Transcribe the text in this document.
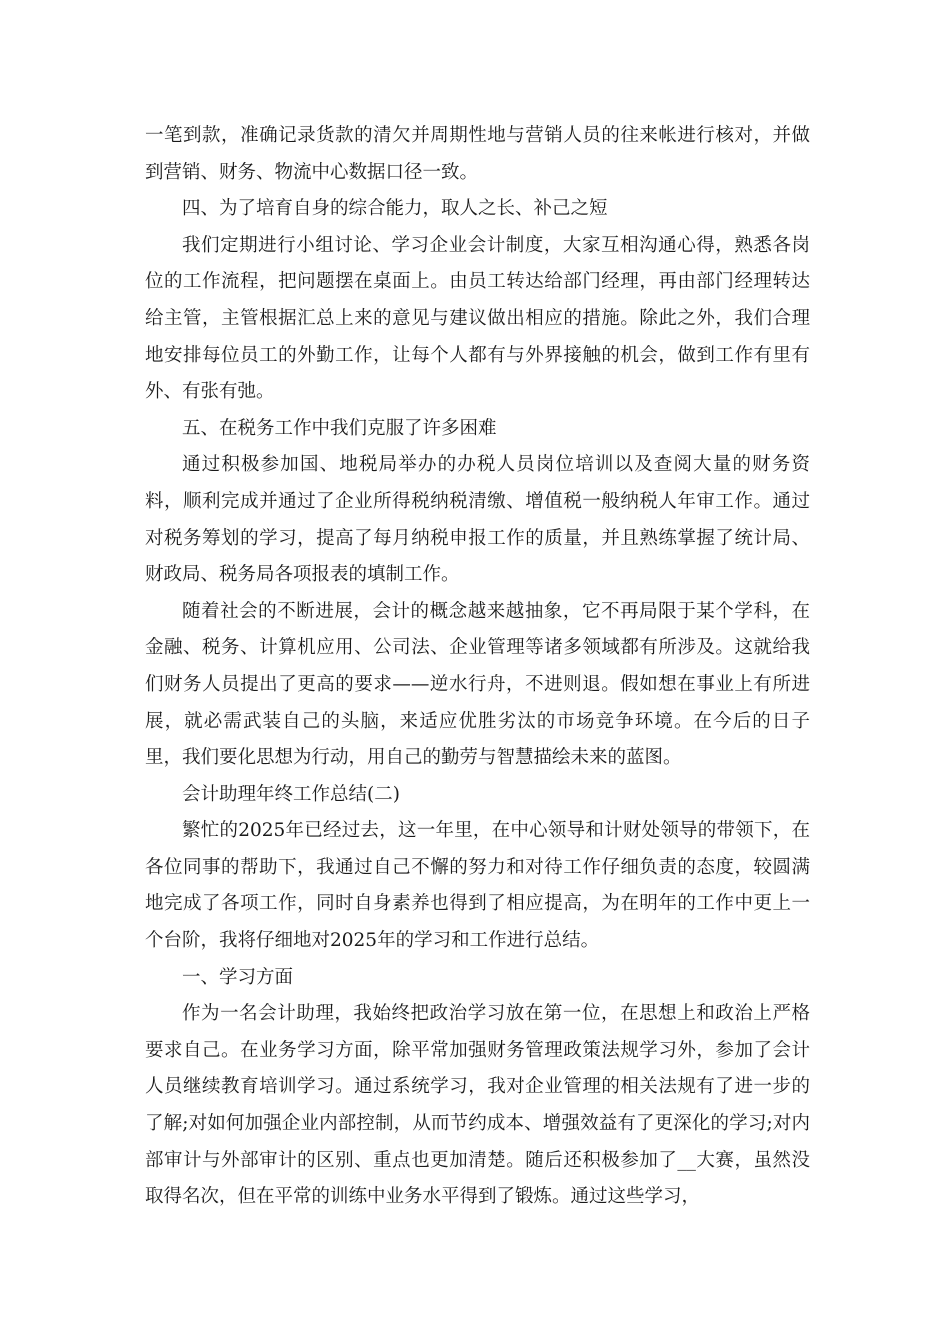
一笔到款，准确记录货款的清欠并周期性地与营销人员的往来帐进行核对，并做到营销、财务、物流中心数据口径一致。

四、为了培育自身的综合能力，取人之长、补己之短

我们定期进行小组讨论、学习企业会计制度，大家互相沟通心得，熟悉各岗位的工作流程，把问题摆在桌面上。由员工转达给部门经理，再由部门经理转达给主管，主管根据汇总上来的意见与建议做出相应的措施。除此之外，我们合理地安排每位员工的外勤工作，让每个人都有与外界接触的机会，做到工作有里有外、有张有弛。

五、在税务工作中我们克服了许多困难

通过积极参加国、地税局举办的办税人员岗位培训以及查阅大量的财务资料，顺利完成并通过了企业所得税纳税清缴、增值税一般纳税人年审工作。通过对税务筹划的学习，提高了每月纳税申报工作的质量，并且熟练掌握了统计局、财政局、税务局各项报表的填制工作。

随着社会的不断进展，会计的概念越来越抽象，它不再局限于某个学科，在金融、税务、计算机应用、公司法、企业管理等诸多领域都有所涉及。这就给我们财务人员提出了更高的要求——逆水行舟，不进则退。假如想在事业上有所进展，就必需武装自己的头脑，来适应优胜劣汰的市场竞争环境。在今后的日子里，我们要化思想为行动，用自己的勤劳与智慧描绘未来的蓝图。

会计助理年终工作总结(二)

繁忙的2025年已经过去，这一年里，在中心领导和计财处领导的带领下，在各位同事的帮助下，我通过自己不懈的努力和对待工作仔细负责的态度，较圆满地完成了各项工作，同时自身素养也得到了相应提高，为在明年的工作中更上一个台阶，我将仔细地对2025年的学习和工作进行总结。

一、学习方面

作为一名会计助理，我始终把政治学习放在第一位，在思想上和政治上严格要求自己。在业务学习方面，除平常加强财务管理政策法规学习外，参加了会计人员继续教育培训学习。通过系统学习，我对企业管理的相关法规有了进一步的了解;对如何加强企业内部控制，从而节约成本、增强效益有了更深化的学习;对内部审计与外部审计的区别、重点也更加清楚。随后还积极参加了__大赛，虽然没取得名次，但在平常的训练中业务水平得到了锻炼。通过这些学习，
